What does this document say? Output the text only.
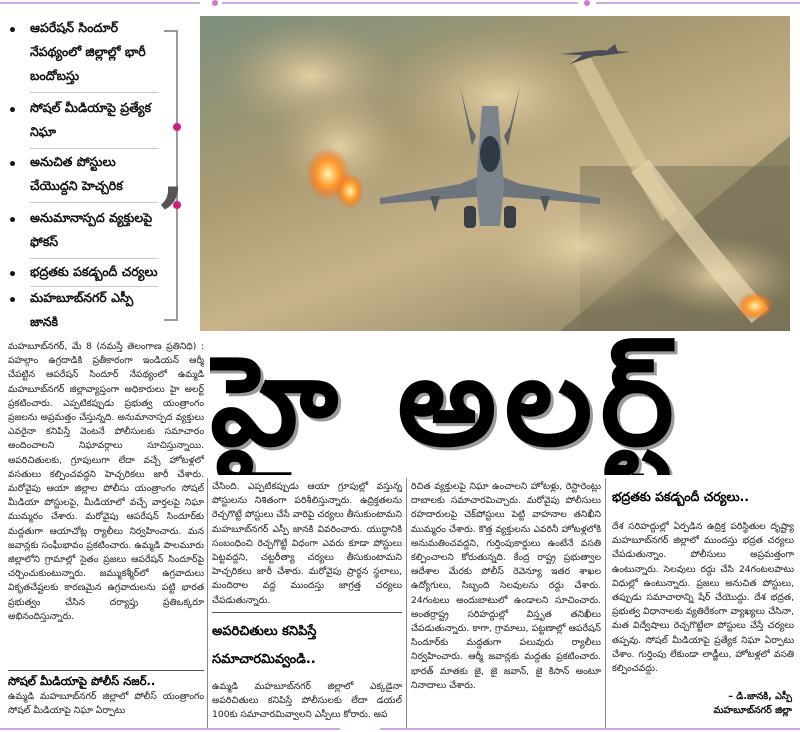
• ఆపరేషన్ సిందూర్ నేపథ్యంలో జిల్లాల్లో భారీ బందోబస్తు
• సోషల్ మీడియాపై ప్రత్యేక నిఘా
• అనుచిత పోస్టులు చేయొద్దని హెచ్చరిక
• అనుమానాస్పద వ్యక్తులపై ఫోకస్
• భద్రతకు పకడ్బందీ చర్యలు
• మహబూబ్‌నగర్ ఎస్పీ జానకి
,
హై అలర్ట్

మహబూబ్‌నగర్, మే 8 (నమస్తే తెలంగాణ ప్రతినిధి) : పహల్గాం ఉగ్రదాడికి ప్రతీకారంగా ఇండియన్ ఆర్మీ చేపట్టిన ఆపరేషన్ సిందూర్ నేపథ్యంలో ఉమ్మడి మహబూబ్‌నగర్ జిల్లావ్యాప్తంగా అధికారులు హై అలర్ట్ ప్రకటించారు. ఎప్పటికప్పుడు ప్రభుత్వ యంత్రాంగం ప్రజలను అప్రమత్తం చేస్తున్నది. అనుమానాస్పద వ్యక్తులు ఎవరైనా కనిపిస్తే వెంటనే పోలీసులకు సమాచారం అందించాలని నిఘావర్గాలు సూచిస్తున్నాయి. అపరిచితులకు, గ్రూపులుగా లేదా వచ్చే హోటళ్లలో వసతులు కల్పించవద్దని హెచ్చరికలు జారీ చేశారు. మరోవైపు ఆయా జిల్లాల పోలీసు యంత్రాంగం సోషల్ మీడియా పోస్టులపై, మీడియాలో వచ్చే వార్తలపై నిఘా ముమ్మరం చేశారు. మరోవైపు ఆపరేషన్ సిందూర్‌కు మద్దతుగా ఆయాచోట్ల ర్యాలీలు నిర్వహించారు. మన జవాన్లకు సంఘీభావం ప్రకటించారు. ఉమ్మడి పాలమూరు జిల్లాలోని గ్రామాల్లో సైతం ప్రజలు ఆపరేషన్ సిందూర్‌పై చర్చించుకుంటున్నారు. జమ్ముకశ్మీర్‌లో ఉగ్రవాదులు వికృతచేష్టలకు కారణమైన ఉగ్రవాదులను పట్టి భారత ప్రభుత్వం చేసిన దర్యాప్తు ప్రతిఒక్కరూ అభినందిస్తున్నారు.

సోషల్ మీడియాపై పోలీస్ నజర్..

ఉమ్మడి మహబూబ్‌నగర్ జిల్లాలో పోలీస్ యంత్రాంగం సోషల్ మీడియాపై నిఘా ఏర్పాటు

చేసింది. ఎప్పటికప్పుడు ఆయా గ్రూపుల్లో వస్తున్న పోస్టులను నిశితంగా పరిశీలిస్తున్నారు. ఉద్రిక్తతలను రెచ్చగొట్టే పోస్టులు చేసే వారిపై చర్యలు తీసుకుంటామని మహబూబ్‌నగర్ ఎస్పీ జానకి వివరించారు. యుద్ధానికి సంబంధించి రెచ్చగొట్టే విధంగా ఎవరు కూడా పోస్టులు పెట్టవద్దని, చట్టరీత్యా చర్యలు తీసుకుంటామని హెచ్చరికలు జారీ చేశారు. మరోవైపు ప్రార్థన స్థలాలు, మందిరాల వద్ద ముందస్తు జాగ్రత్త చర్యలు చేపడుతున్నారు.

అపరిచితులు కనిపిస్తే సమాచారమివ్వండి..

ఉమ్మడి మహబూబ్‌నగర్ జిల్లాలో ఎక్కడైనా అపరిచితులు కనిపిస్తే పోలీసులకు లేదా డయల్ 100కు సమాచారమివ్వాలని ఎస్పీలు కోరారు. అప

రిచిత వ్యక్తులపై నిఘా ఉంచాలని హోటళ్లు, రెస్టారెంట్లు దాబాలకు సమాచారమిచ్చారు. మరోవైపు పోలీసులు రహదారులపై చెక్‌పోస్టులు పెట్టి వాహనాల తనిఖీని ముమ్మరం చేశారు. కొత్త వ్యక్తులను ఎవరినీ హోటళ్లలోకి అనుమతించవద్దని, గుర్తింపుకార్డులు ఉంటేనే వసతి కల్పించాలని కోరుతున్నది. కేంద్ర రాష్ట్ర ప్రభుత్వాల ఆదేశాల మేరకు పోలీస్ రెవెన్యూ ఇతర శాఖల ఉద్యోగులు, సిబ్బంది సెలవులను రద్దు చేశారు. 24గంటలు అందుబాటులో ఉండాలని సూచించారు. అంతర్రాష్ట్ర సరిహద్దుల్లో విస్తృత తనిఖీలు చేపడుతున్నారు. కాగా, గ్రామాలు, పట్టణాల్లో ఆపరేషన్ సిందూర్‌కు మద్దతుగా పలువురు ర్యాలీలు నిర్వహించారు. ఆర్మీ జవాన్లకు మద్దతు ప్రకటించారు. భారత్ మాతకు జై, జై జవాన్, జై కిసాన్ అంటూ నినాదాలు చేశారు.

భద్రతకు పకడ్బందీ చర్యలు..

దేశ సరిహద్దుల్లో ఏర్పడిన ఉద్రిక్త పరిస్థితుల దృష్ట్యా మహబూబ్‌నగర్ జిల్లాలో ముందస్తు భద్రత చర్యలు చేపడుతున్నాం. పోలీసులు అప్రమత్తంగా ఉంటున్నారు. సెలవులు రద్దు చేసి 24గంటలపాటు విధుల్లో ఉంటున్నారు. ప్రజలు అనుచిత పోస్టులు, తప్పుడు సమాచారాన్ని షేర్ చేయొద్దు. దేశ భద్రత, ప్రభుత్వ విధానాలకు వ్యతిరేకంగా వ్యాఖ్యలు చేసినా, మత విద్వేషాలు రెచ్చగొట్టేలా పోస్టులు చేస్తే చర్యలు తప్పవు. సోషల్ మీడియాపై ప్రత్యేక నిఘా ఏర్పాటు చేశాం. గుర్తింపు లేకుండా లాడ్జీలు, హోటళ్లలో వసతి కల్పించవద్దు.

– డి.జానకి, ఎస్పీ
మహబూబ్‌నగర్ జిల్లా
